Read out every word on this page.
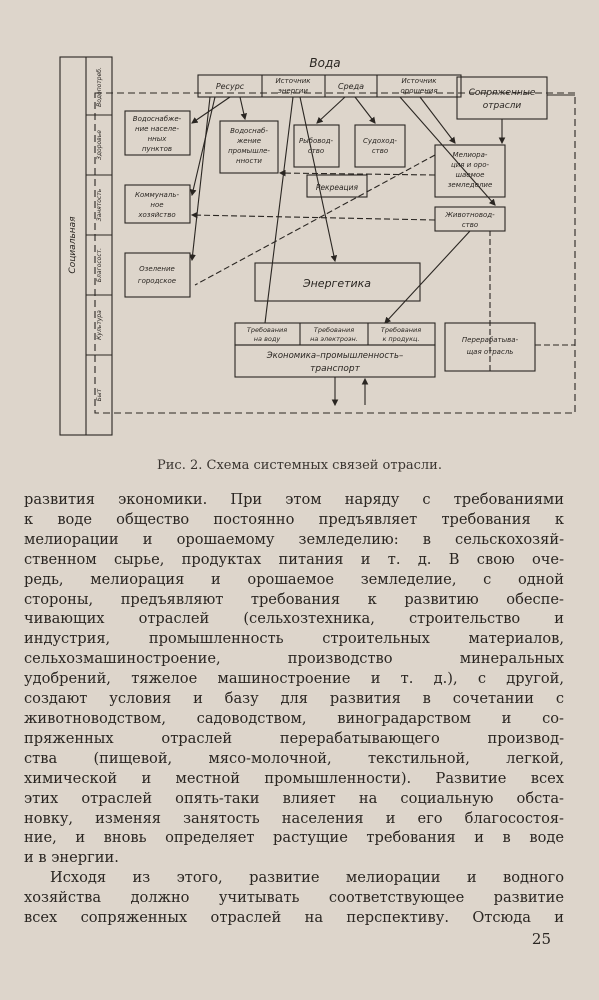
Вода
Ресурс
Источник
энергии	Среда
Источник
орошения	Сопряженные
отрасли
Водоснабже-
ние населе-
нных
пунктов
Водоснаб-
жение
промышле-
нности
Рыбовод-
ство
Судоход-
ство	Мелиора-
ция и оро-
шаемое
земледелие
Коммуналь-
ное
хозяйство
Рекреация
Животновод-
ство
Озеление
городское	Энергетика
Требования
на воду
Требования
на электроэн.
Требования
к продукц.
Экономика–промышленность–
транспорт
Перерабатыва-
щая отрасль
Социальная
Водопотреб.
Здоровье
Занятость
Благосост.
Культура
Быт
Рис. 2. Схема системных связей отрасли.

развития экономики. При этом наряду с требованиями
к воде общество постоянно предъявляет требования к
мелиорации и орошаемому земледелию: в сельскохозяй-
ственном сырье, продуктах питания и т. д. В свою оче-
редь, мелиорация и орошаемое земледелие, с одной
стороны, предъявляют требования к развитию обеспе-
чивающих отраслей (сельхозтехника, строительство и
индустрия, промышленность строительных материалов,
сельхозмашиностроение, производство минеральных
удобрений, тяжелое машиностроение и т. д.), с другой,
создают условия и базу для развития в сочетании с
животноводством, садоводством, виноградарством и со-
пряженных отраслей перерабатывающего производ-
ства (пищевой, мясо-молочной, текстильной, легкой,
химической и местной промышленности). Развитие всех
этих отраслей опять-таки влияет на социальную обста-
новку, изменяя занятость населения и его благосостоя-
ние, и вновь определяет растущие требования и в воде
и в энергии.

Исходя из этого, развитие мелиорации и водного
хозяйства должно учитывать соответствующее развитие
всех сопряженных отраслей на перспективу. Отсюда и

25
